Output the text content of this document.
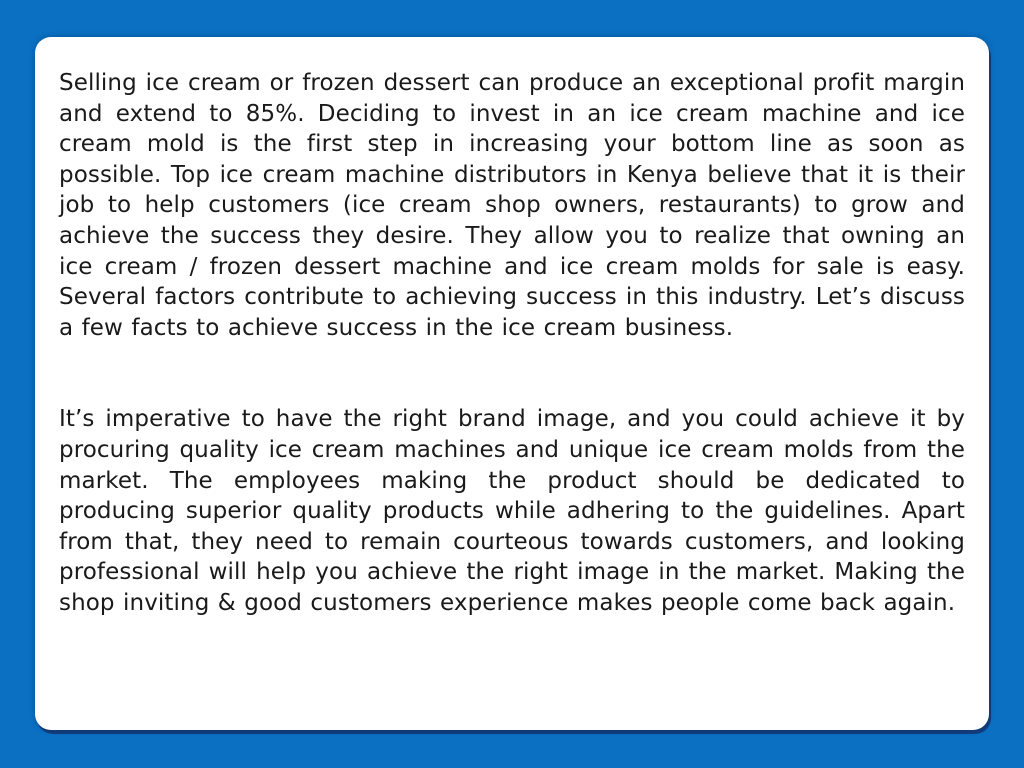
Selling ice cream or frozen dessert can produce an exceptional profit margin and extend to 85%. Deciding to invest in an ice cream machine and ice cream mold is the first step in increasing your bottom line as soon as possible. Top ice cream machine distributors in Kenya believe that it is their job to help customers (ice cream shop owners, restaurants) to grow and achieve the success they desire. They allow you to realize that owning an ice cream / frozen dessert machine and ice cream molds for sale is easy. Several factors contribute to achieving success in this industry. Let’s discuss a few facts to achieve success in the ice cream business.

It’s imperative to have the right brand image, and you could achieve it by procuring quality ice cream machines and unique ice cream molds from the market. The employees making the product should be dedicated to producing superior quality products while adhering to the guidelines. Apart from that, they need to remain courteous towards customers, and looking professional will help you achieve the right image in the market. Making the shop inviting & good customers experience makes people come back again.
